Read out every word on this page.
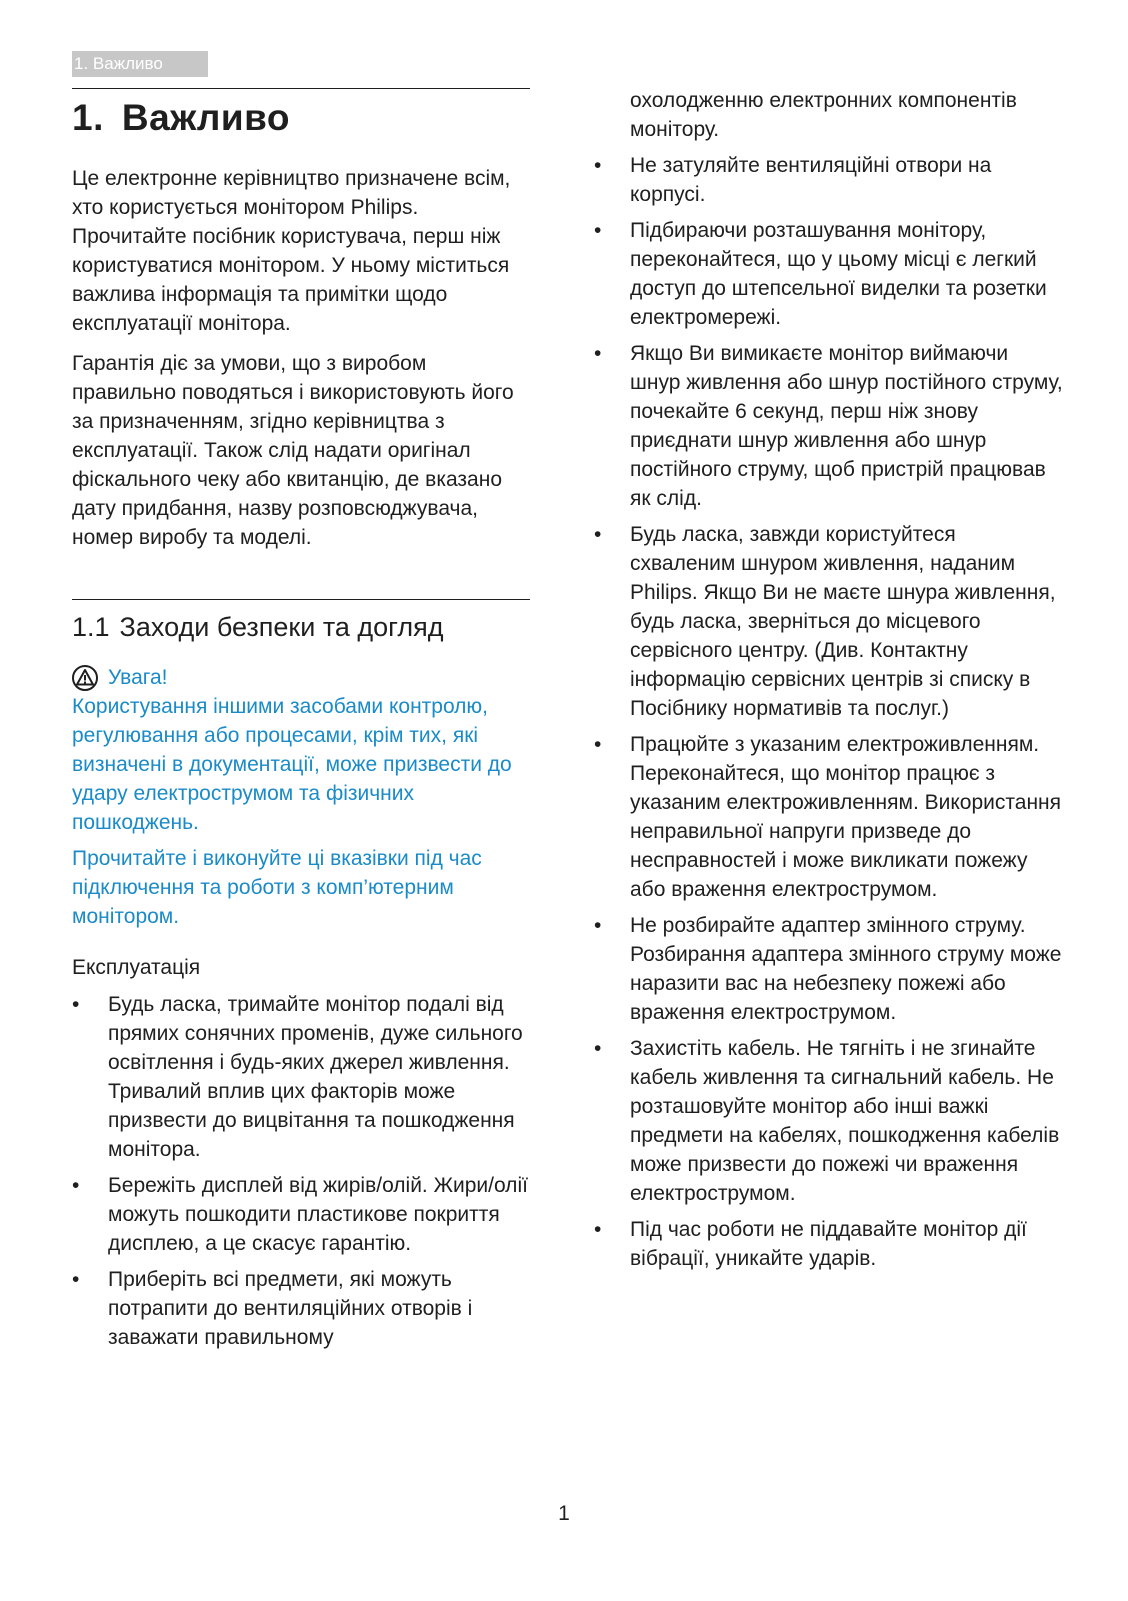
1. Важливо
1. Важливо

Це електронне керівництво призначене всім, хто користується монітором Philips. Прочитайте посібник користувача, перш ніж користуватися монітором. У ньому міститься важлива інформація та примітки щодо експлуатації монітора.

Гарантія діє за умови, що з виробом правильно поводяться і використовують його за призначенням, згідно керівництва з експлуатації. Також слід надати оригінал фіскального чеку або квитанцію, де вказано дату придбання, назву розповсюджувача, номер виробу та моделі.

1.1 Заходи безпеки та догляд
Увага!

Користування іншими засобами контролю, регулювання або процесами, крім тих, які визначені в документації, може призвести до удару електрострумом та фізичних пошкоджень.

Прочитайте і виконуйте ці вказівки під час підключення та роботи з комп’ютерним монітором.

Експлуатація
•	Будь ласка, тримайте монітор подалі від прямих сонячних променів, дуже сильного освітлення і будь-яких джерел живлення. Тривалий вплив цих факторів може призвести до вицвітання та пошкодження монітора.
•	Бережіть дисплей від жирів/олій. Жири/олії можуть пошкодити пластикове покриття дисплею, а це скасує гарантію.
•	Приберіть всі предмети, які можуть потрапити до вентиляційних отворів і заважати правильному

охолодженню електронних компонентів монітору.

•	Не затуляйте вентиляційні отвори на корпусі.
•	Підбираючи розташування монітору, переконайтеся, що у цьому місці є легкий доступ до штепсельної виделки та розетки електромережі.
•	Якщо Ви вимикаєте монітор виймаючи шнур живлення або шнур постійного струму, почекайте 6 секунд, перш ніж знову приєднати шнур живлення або шнур постійного струму, щоб пристрій працював як слід.
•	Будь ласка, завжди користуйтеся схваленим шнуром живлення, наданим Philips. Якщо Ви не маєте шнура живлення, будь ласка, зверніться до місцевого сервісного центру. (Див. Контактну інформацію сервісних центрів зі списку в Посібнику нормативів та послуг.)
•	Працюйте з указаним електроживленням. Переконайтеся, що монітор працює з указаним електроживленням. Використання неправильної напруги призведе до несправностей і може викликати пожежу або враження електрострумом.
•	Не розбирайте адаптер змінного струму. Розбирання адаптера змінного струму може наразити вас на небезпеку пожежі або враження електрострумом.
•	Захистіть кабель. Не тягніть і не згинайте кабель живлення та сигнальний кабель. Не розташовуйте монітор або інші важкі предмети на кабелях, пошкодження кабелів може призвести до пожежі чи враження електрострумом.
•	Під час роботи не піддавайте монітор дії вібрації, уникайте ударів.
1
